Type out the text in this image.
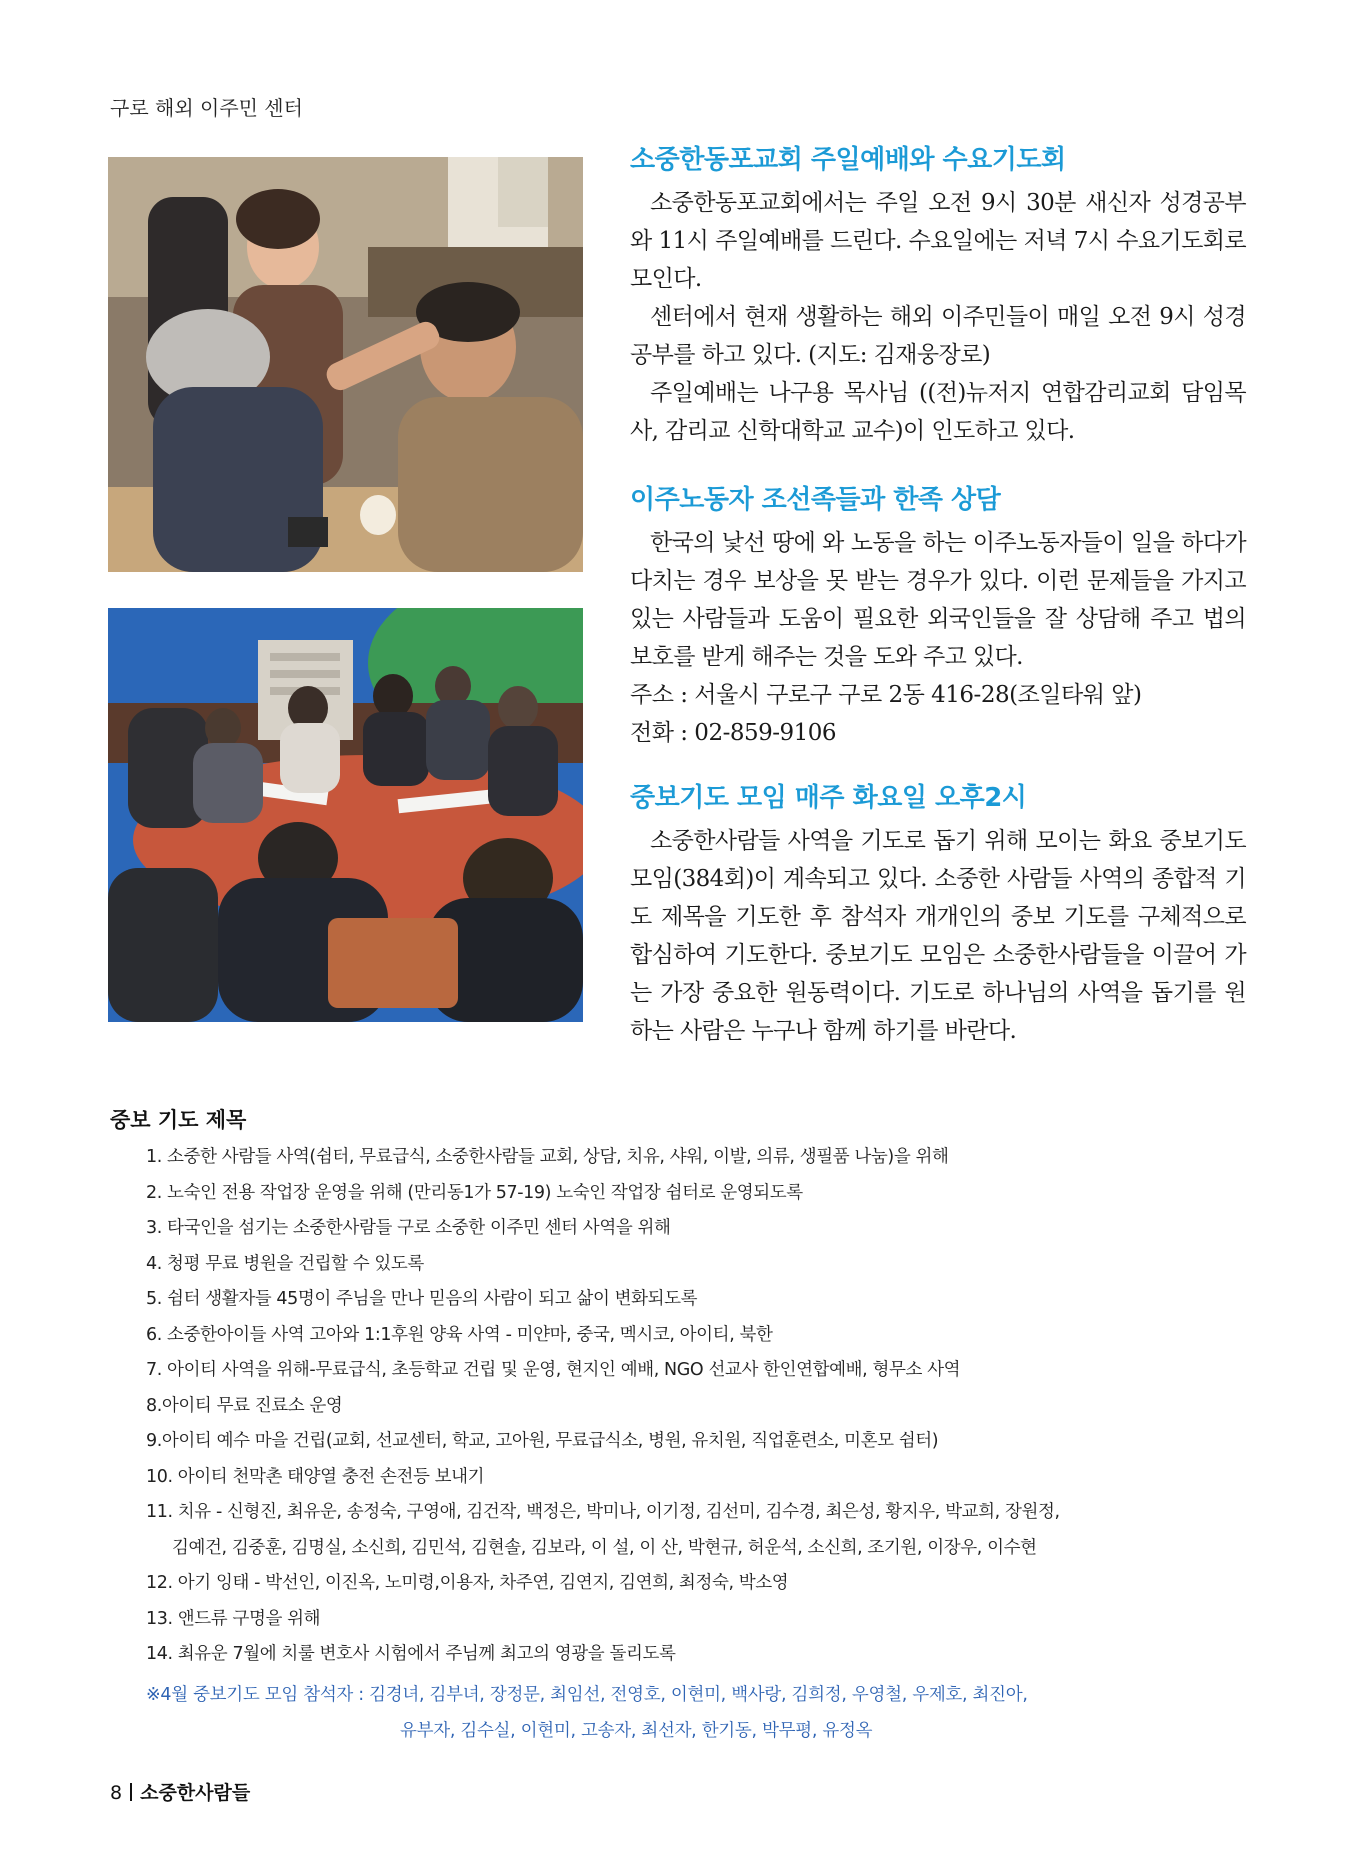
구로 해외 이주민 센터
소중한동포교회 주일예배와 수요기도회

소중한동포교회에서는 주일 오전 9시 30분 새신자 성경공부와 11시 주일예배를 드린다. 수요일에는 저녁 7시 수요기도회로 모인다.

센터에서 현재 생활하는 해외 이주민들이 매일 오전 9시 성경공부를 하고 있다. (지도: 김재웅장로)

주일예배는 나구용 목사님 ((전)뉴저지 연합감리교회 담임목사, 감리교 신학대학교 교수)이 인도하고 있다.

이주노동자 조선족들과 한족 상담

한국의 낯선 땅에 와 노동을 하는 이주노동자들이 일을 하다가 다치는 경우 보상을 못 받는 경우가 있다. 이런 문제들을 가지고 있는 사람들과 도움이 필요한 외국인들을 잘 상담해 주고 법의 보호를 받게 해주는 것을 도와 주고 있다.

주소 : 서울시 구로구 구로 2동 416-28(조일타워 앞)

전화 : 02-859-9106

중보기도 모임 매주 화요일 오후2시

소중한사람들 사역을 기도로 돕기 위해 모이는 화요 중보기도 모임(384회)이 계속되고 있다. 소중한 사람들 사역의 종합적 기도 제목을 기도한 후 참석자 개개인의 중보 기도를 구체적으로 합심하여 기도한다. 중보기도 모임은 소중한사람들을 이끌어 가는 가장 중요한 원동력이다. 기도로 하나님의 사역을 돕기를 원하는 사람은 누구나 함께 하기를 바란다.

중보 기도 제목
1. 소중한 사람들 사역(쉼터, 무료급식, 소중한사람들 교회, 상담, 치유, 샤워, 이발, 의류, 생필품 나눔)을 위해
2. 노숙인 전용 작업장 운영을 위해 (만리동1가 57-19) 노숙인 작업장 쉼터로 운영되도록
3. 타국인을 섬기는 소중한사람들 구로 소중한 이주민 센터 사역을 위해
4. 청평 무료 병원을 건립할 수 있도록
5. 쉼터 생활자들 45명이 주님을 만나 믿음의 사람이 되고 삶이 변화되도록
6. 소중한아이들 사역 고아와 1:1후원 양육 사역 - 미얀마, 중국, 멕시코, 아이티, 북한
7. 아이티 사역을 위해-무료급식, 초등학교 건립 및 운영, 현지인 예배, NGO 선교사 한인연합예배, 형무소 사역
8.아이티 무료 진료소 운영
9.아이티 예수 마을 건립(교회, 선교센터, 학교, 고아원, 무료급식소, 병원, 유치원, 직업훈련소, 미혼모 쉼터)
10. 아이티 천막촌 태양열 충전 손전등 보내기
11. 치유 - 신형진, 최유운, 송정숙, 구영애, 김건작, 백정은, 박미나, 이기정, 김선미, 김수경, 최은성, 황지우, 박교희, 장원정,
김예건, 김중훈, 김명실, 소신희, 김민석, 김현솔, 김보라, 이 설, 이 산, 박현규, 허운석, 소신희, 조기원, 이장우, 이수현
12. 아기 잉태 - 박선인, 이진옥, 노미령,이용자, 차주연, 김연지, 김연희, 최정숙, 박소영
13. 앤드류 구명을 위해
14. 최유운 7월에 치룰 변호사 시험에서 주님께 최고의 영광을 돌리도록
※4월 중보기도 모임 참석자 : 김경녀, 김부녀, 장정문, 최임선, 전영호, 이현미, 백사랑, 김희정, 우영철, 우제호, 최진아,
유부자, 김수실, 이현미, 고송자, 최선자, 한기동, 박무평, 유정옥
8 소중한사람들
